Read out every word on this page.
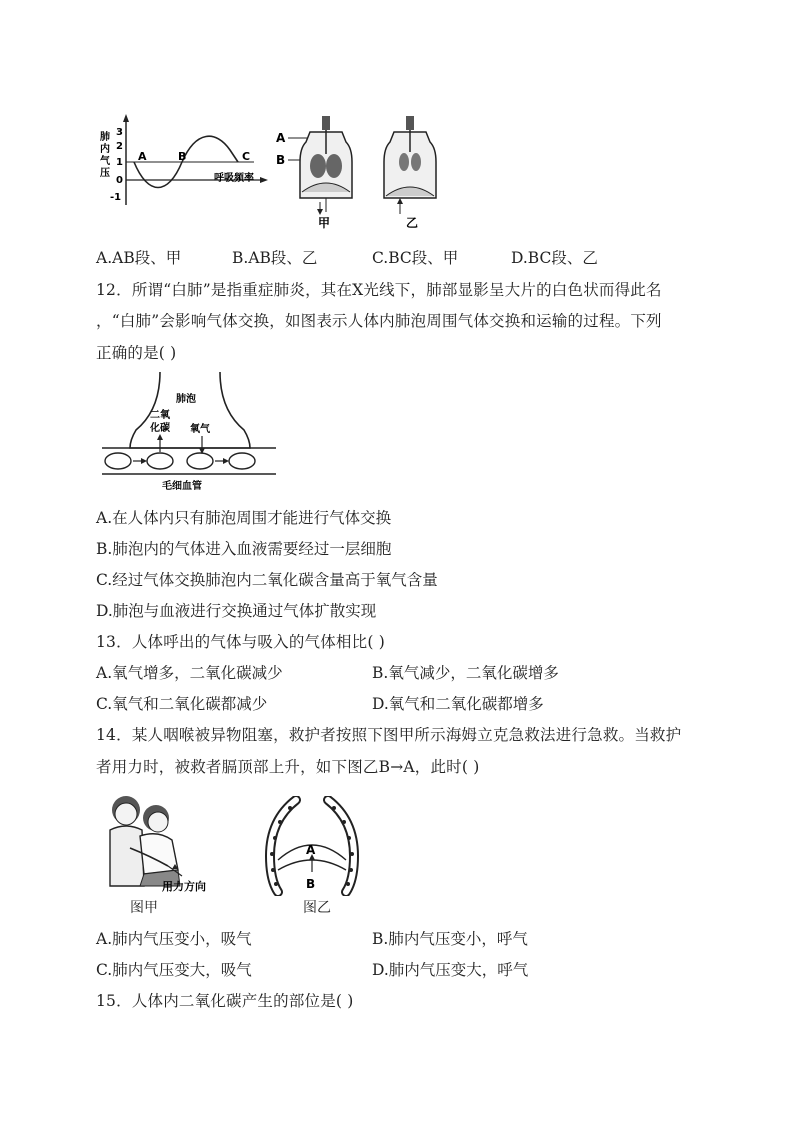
肺
内
气
压
3
2
1
0
-1
A	B	C
呼吸频率
A
B
甲	乙
A.AB段、甲	B.AB段、乙	C.BC段、甲	D.BC段、乙
12．所谓“白肺”是指重症肺炎，其在X光线下，肺部显影呈大片的白色状而得此名
，“白肺”会影响气体交换，如图表示人体内肺泡周围气体交换和运输的过程。下列
正确的是( )
肺泡
二氧
化碳 氧气
毛细血管
A.在人体内只有肺泡周围才能进行气体交换
B.肺泡内的气体进入血液需要经过一层细胞
C.经过气体交换肺泡内二氧化碳含量高于氧气含量
D.肺泡与血液进行交换通过气体扩散实现
13．人体呼出的气体与吸入的气体相比( )
A.氧气增多，二氧化碳减少	B.氧气减少，二氧化碳增多
C.氧气和二氧化碳都减少	D.氧气和二氧化碳都增多
14．某人咽喉被异物阻塞，救护者按照下图甲所示海姆立克急救法进行急救。当救护
者用力时，被救者膈顶部上升，如下图乙B→A，此时( )
用力方向
图甲
A
B
图乙
A.肺内气压变小，吸气	B.肺内气压变小，呼气
C.肺内气压变大，吸气	D.肺内气压变大，呼气
15．人体内二氧化碳产生的部位是( )
